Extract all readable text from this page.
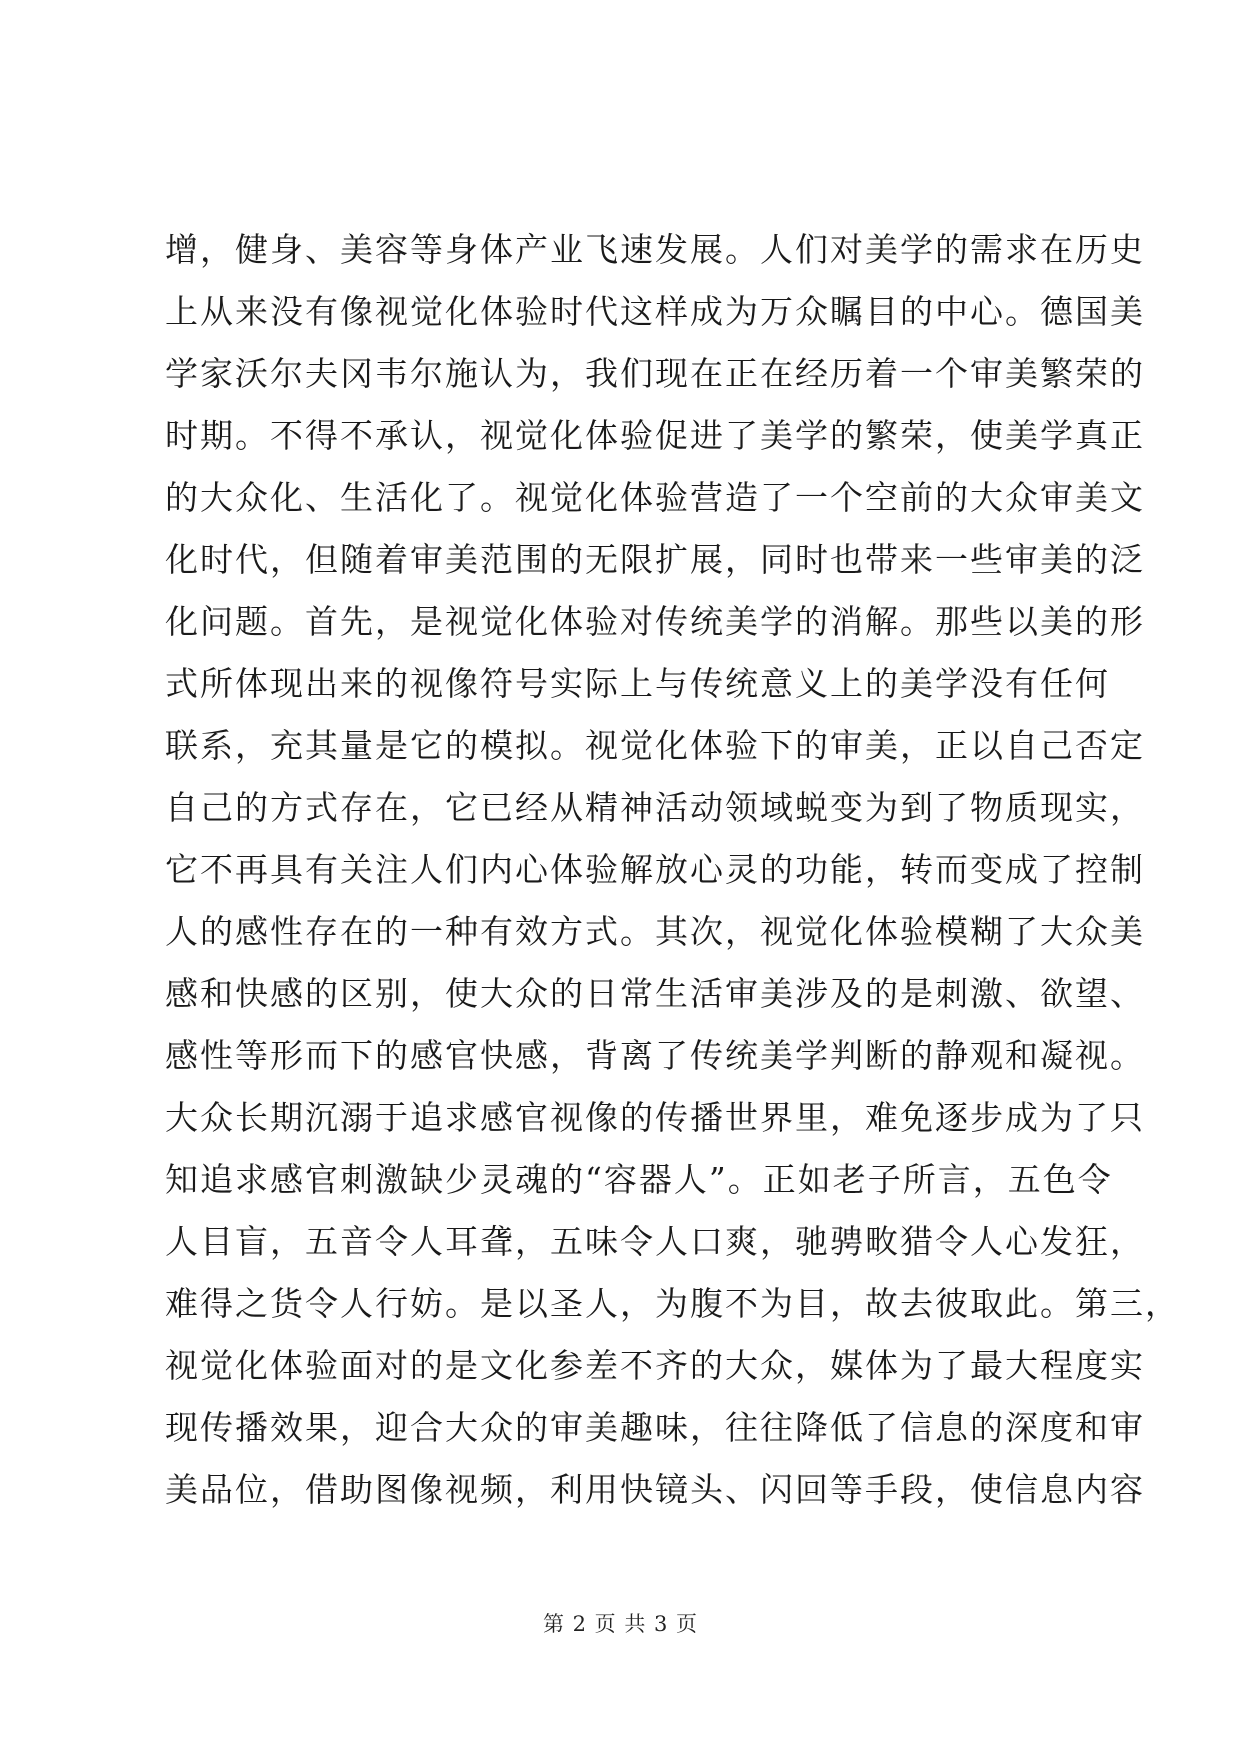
增，健身、美容等身体产业飞速发展。人们对美学的需求在历史
上从来没有像视觉化体验时代这样成为万众瞩目的中心。德国美
学家沃尔夫冈韦尔施认为，我们现在正在经历着一个审美繁荣的
时期。不得不承认，视觉化体验促进了美学的繁荣，使美学真正
的大众化、生活化了。视觉化体验营造了一个空前的大众审美文
化时代，但随着审美范围的无限扩展，同时也带来一些审美的泛
化问题。首先，是视觉化体验对传统美学的消解。那些以美的形
式所体现出来的视像符号实际上与传统意义上的美学没有任何
联系，充其量是它的模拟。视觉化体验下的审美，正以自己否定
自己的方式存在，它已经从精神活动领域蜕变为到了物质现实，
它不再具有关注人们内心体验解放心灵的功能，转而变成了控制
人的感性存在的一种有效方式。其次，视觉化体验模糊了大众美
感和快感的区别，使大众的日常生活审美涉及的是刺激、欲望、
感性等形而下的感官快感，背离了传统美学判断的静观和凝视。
大众长期沉溺于追求感官视像的传播世界里，难免逐步成为了只
知追求感官刺激缺少灵魂的“容器人”。正如老子所言，五色令
人目盲，五音令人耳聋，五味令人口爽，驰骋畋猎令人心发狂，
难得之货令人行妨。是以圣人，为腹不为目，故去彼取此。第三，
视觉化体验面对的是文化参差不齐的大众，媒体为了最大程度实
现传播效果，迎合大众的审美趣味，往往降低了信息的深度和审
美品位，借助图像视频，利用快镜头、闪回等手段，使信息内容
第 2 页 共 3 页
